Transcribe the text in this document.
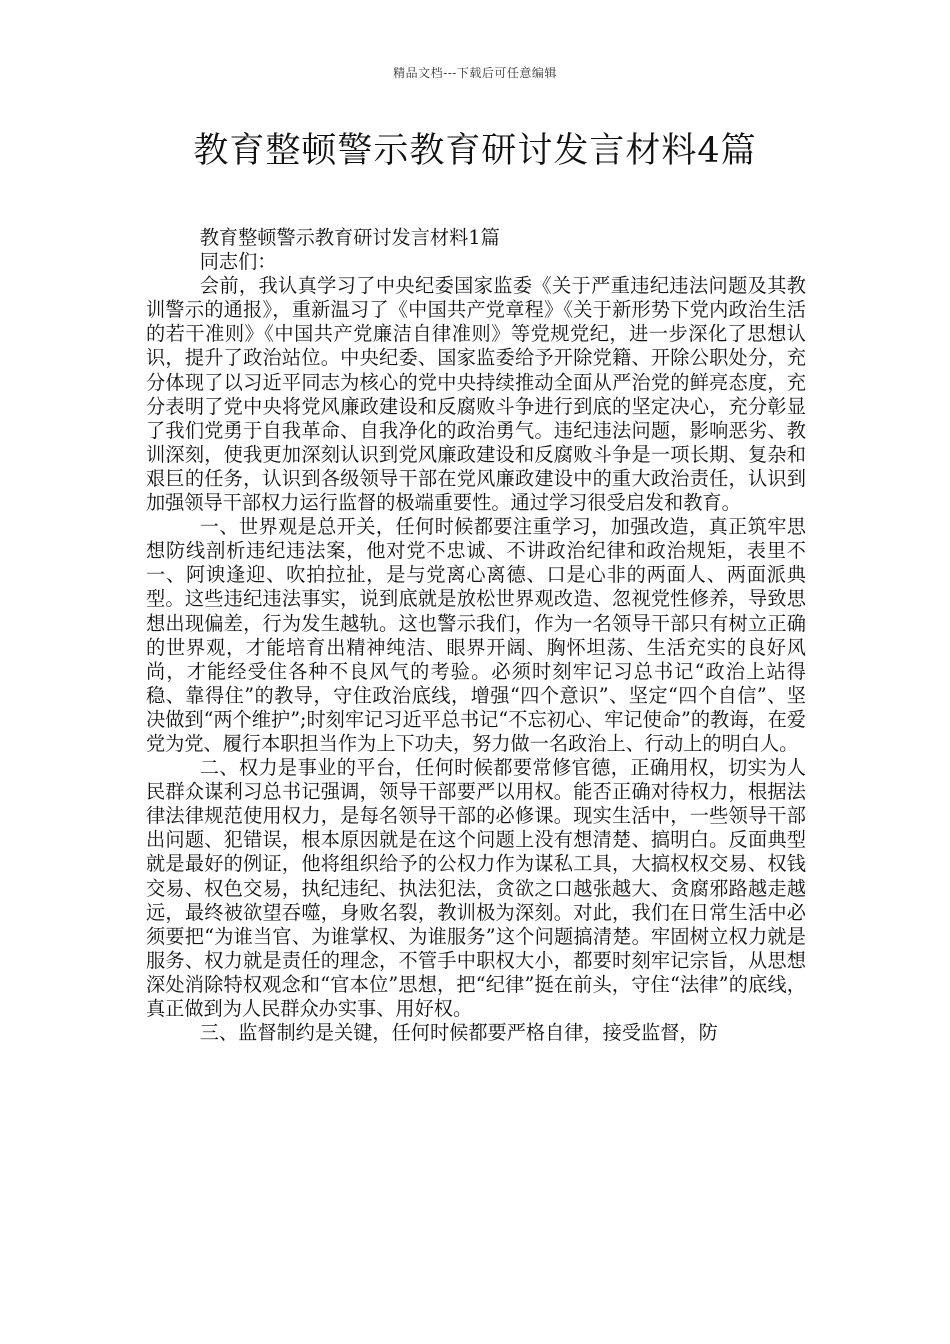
精品文档---下载后可任意编辑
教育整顿警示教育研讨发言材料4篇

教育整顿警示教育研讨发言材料1篇

同志们：

会前，我认真学习了中央纪委国家监委《关于严重违纪违法问题及其教训警示的通报》，重新温习了《中国共产党章程》《关于新形势下党内政治生活的若干准则》《中国共产党廉洁自律准则》等党规党纪，进一步深化了思想认识，提升了政治站位。中央纪委、国家监委给予开除党籍、开除公职处分，充分体现了以习近平同志为核心的党中央持续推动全面从严治党的鲜亮态度，充分表明了党中央将党风廉政建设和反腐败斗争进行到底的坚定决心，充分彰显了我们党勇于自我革命、自我净化的政治勇气。违纪违法问题，影响恶劣、教训深刻，使我更加深刻认识到党风廉政建设和反腐败斗争是一项长期、复杂和艰巨的任务，认识到各级领导干部在党风廉政建设中的重大政治责任，认识到加强领导干部权力运行监督的极端重要性。通过学习很受启发和教育。

一、世界观是总开关，任何时候都要注重学习，加强改造，真正筑牢思想防线剖析违纪违法案，他对党不忠诚、不讲政治纪律和政治规矩，表里不一、阿谀逢迎、吹拍拉扯，是与党离心离德、口是心非的两面人、两面派典型。这些违纪违法事实，说到底就是放松世界观改造、忽视党性修养，导致思想出现偏差，行为发生越轨。这也警示我们，作为一名领导干部只有树立正确的世界观，才能培育出精神纯洁、眼界开阔、胸怀坦荡、生活充实的良好风尚，才能经受住各种不良风气的考验。必须时刻牢记习总书记“政治上站得稳、靠得住”的教导，守住政治底线，增强“四个意识”、坚定“四个自信”、坚决做到“两个维护”;时刻牢记习近平总书记“不忘初心、牢记使命”的教诲，在爱党为党、履行本职担当作为上下功夫，努力做一名政治上、行动上的明白人。

二、权力是事业的平台，任何时候都要常修官德，正确用权，切实为人民群众谋利习总书记强调，领导干部要严以用权。能否正确对待权力，根据法律法律规范使用权力，是每名领导干部的必修课。现实生活中，一些领导干部出问题、犯错误，根本原因就是在这个问题上没有想清楚、搞明白。反面典型就是最好的例证，他将组织给予的公权力作为谋私工具，大搞权权交易、权钱交易、权色交易，执纪违纪、执法犯法，贪欲之口越张越大、贪腐邪路越走越远，最终被欲望吞噬，身败名裂，教训极为深刻。对此，我们在日常生活中必须要把“为谁当官、为谁掌权、为谁服务”这个问题搞清楚。牢固树立权力就是服务、权力就是责任的理念，不管手中职权大小，都要时刻牢记宗旨，从思想深处消除特权观念和“官本位”思想，把“纪律”挺在前头，守住“法律”的底线，真正做到为人民群众办实事、用好权。

三、监督制约是关键，任何时候都要严格自律，接受监督，防
